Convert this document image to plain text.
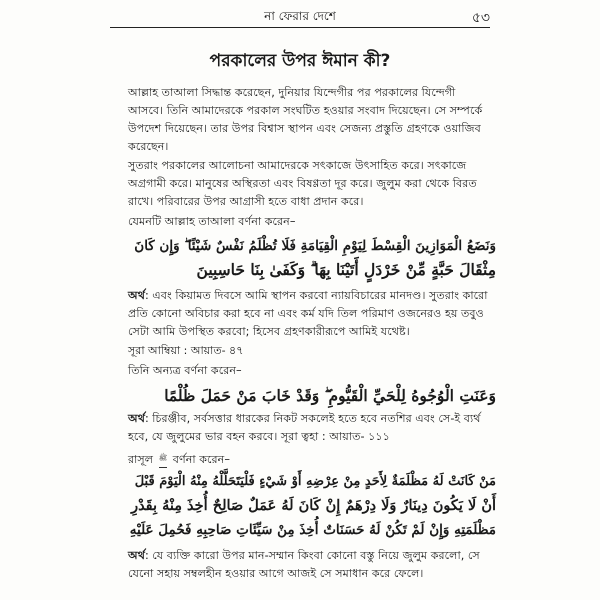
না ফেরার দেশে	৫৩
পরকালের উপর ঈমান কী?
আল্লাহ তাআলা সিদ্ধান্ত করেছেন, দুনিয়ার যিন্দেগীর পর পরকালের যিন্দেগী আসবে। তিনি আমাদেরকে পরকাল সংঘটিত হওয়ার সংবাদ দিয়েছেন। সে সম্পর্কে উপদেশ দিয়েছেন। তার উপর বিশ্বাস স্থাপন এবং সেজন্য প্রস্তুতি গ্রহণকে ওয়াজিব করেছেন।
সুতরাং পরকালের আলোচনা আমাদেরকে সৎকাজে উৎসাহিত করে। সৎকাজে অগ্রগামী করে। মানুষের অস্থিরতা এবং বিষণ্ণতা দূর করে। জুলুম করা থেকে বিরত রাখে। পরিবারের উপর আগ্রাসী হতে বাধা প্রদান করে।
যেমনটি আল্লাহ তাআলা বর্ণনা করেন–
وَنَضَعُ الْمَوَازِينَ الْقِسْطَ لِيَوْمِ الْقِيَامَةِ فَلَا تُظْلَمُ نَفْسٌ شَيْئًا ۖ وَإِن كَانَ
مِثْقَالَ حَبَّةٍ مِّنْ خَرْدَلٍ أَتَيْنَا بِهَا ۗ وَكَفَىٰ بِنَا حَاسِبِينَ
অর্থ: এবং কিয়ামত দিবসে আমি স্থাপন করবো ন্যায়বিচারের মানদণ্ড। সুতরাং কারো প্রতি কোনো অবিচার করা হবে না এবং কর্ম যদি তিল পরিমাণ ওজনেরও হয় তবুও সেটা আমি উপস্থিত করবো; হিসেব গ্রহণকারীরূপে আমিই যথেষ্ট।
সূরা আম্বিয়া : আয়াত- ৪৭
তিনি অন্যত্র বর্ণনা করেন–
وَعَنَتِ الْوُجُوهُ لِلْحَيِّ الْقَيُّومِ ۖ وَقَدْ خَابَ مَنْ حَمَلَ ظُلْمًا
অর্থ: চিরঞ্জীব, সর্বসত্তার ধারকের নিকট সকলেই হতে হবে নতশির এবং সে-ই ব্যর্থ হবে, যে জুলুমের ভার বহন করবে। সূরা ত্বহা : আয়াত- ১১১
রাসূল ﷺ বর্ণনা করেন–
مَنْ كَانَتْ لَهُ مَظْلَمَةٌ لِأَحَدٍ مِنْ عِرْضِهِ أَوْ شَيْءٍ فَلْيَتَحَلَّلْهُ مِنْهُ الْيَوْمَ قَبْلَ
أَنْ لَا يَكُونَ دِينَارٌ وَلَا دِرْهَمٌ إِنْ كَانَ لَهُ عَمَلٌ صَالِحٌ أُخِذَ مِنْهُ بِقَدْرِ
مَظْلَمَتِهِ وَإِنْ لَمْ تَكُنْ لَهُ حَسَنَاتٌ أُخِذَ مِنْ سَيِّئَاتِ صَاحِبِهِ فَحُمِلَ عَلَيْهِ
অর্থ: যে ব্যক্তি কারো উপর মান-সম্মান কিংবা কোনো বস্তু নিয়ে জুলুম করলো, সে যেনো সহায় সম্বলহীন হওয়ার আগে আজই সে সমাধান করে ফেলে।
